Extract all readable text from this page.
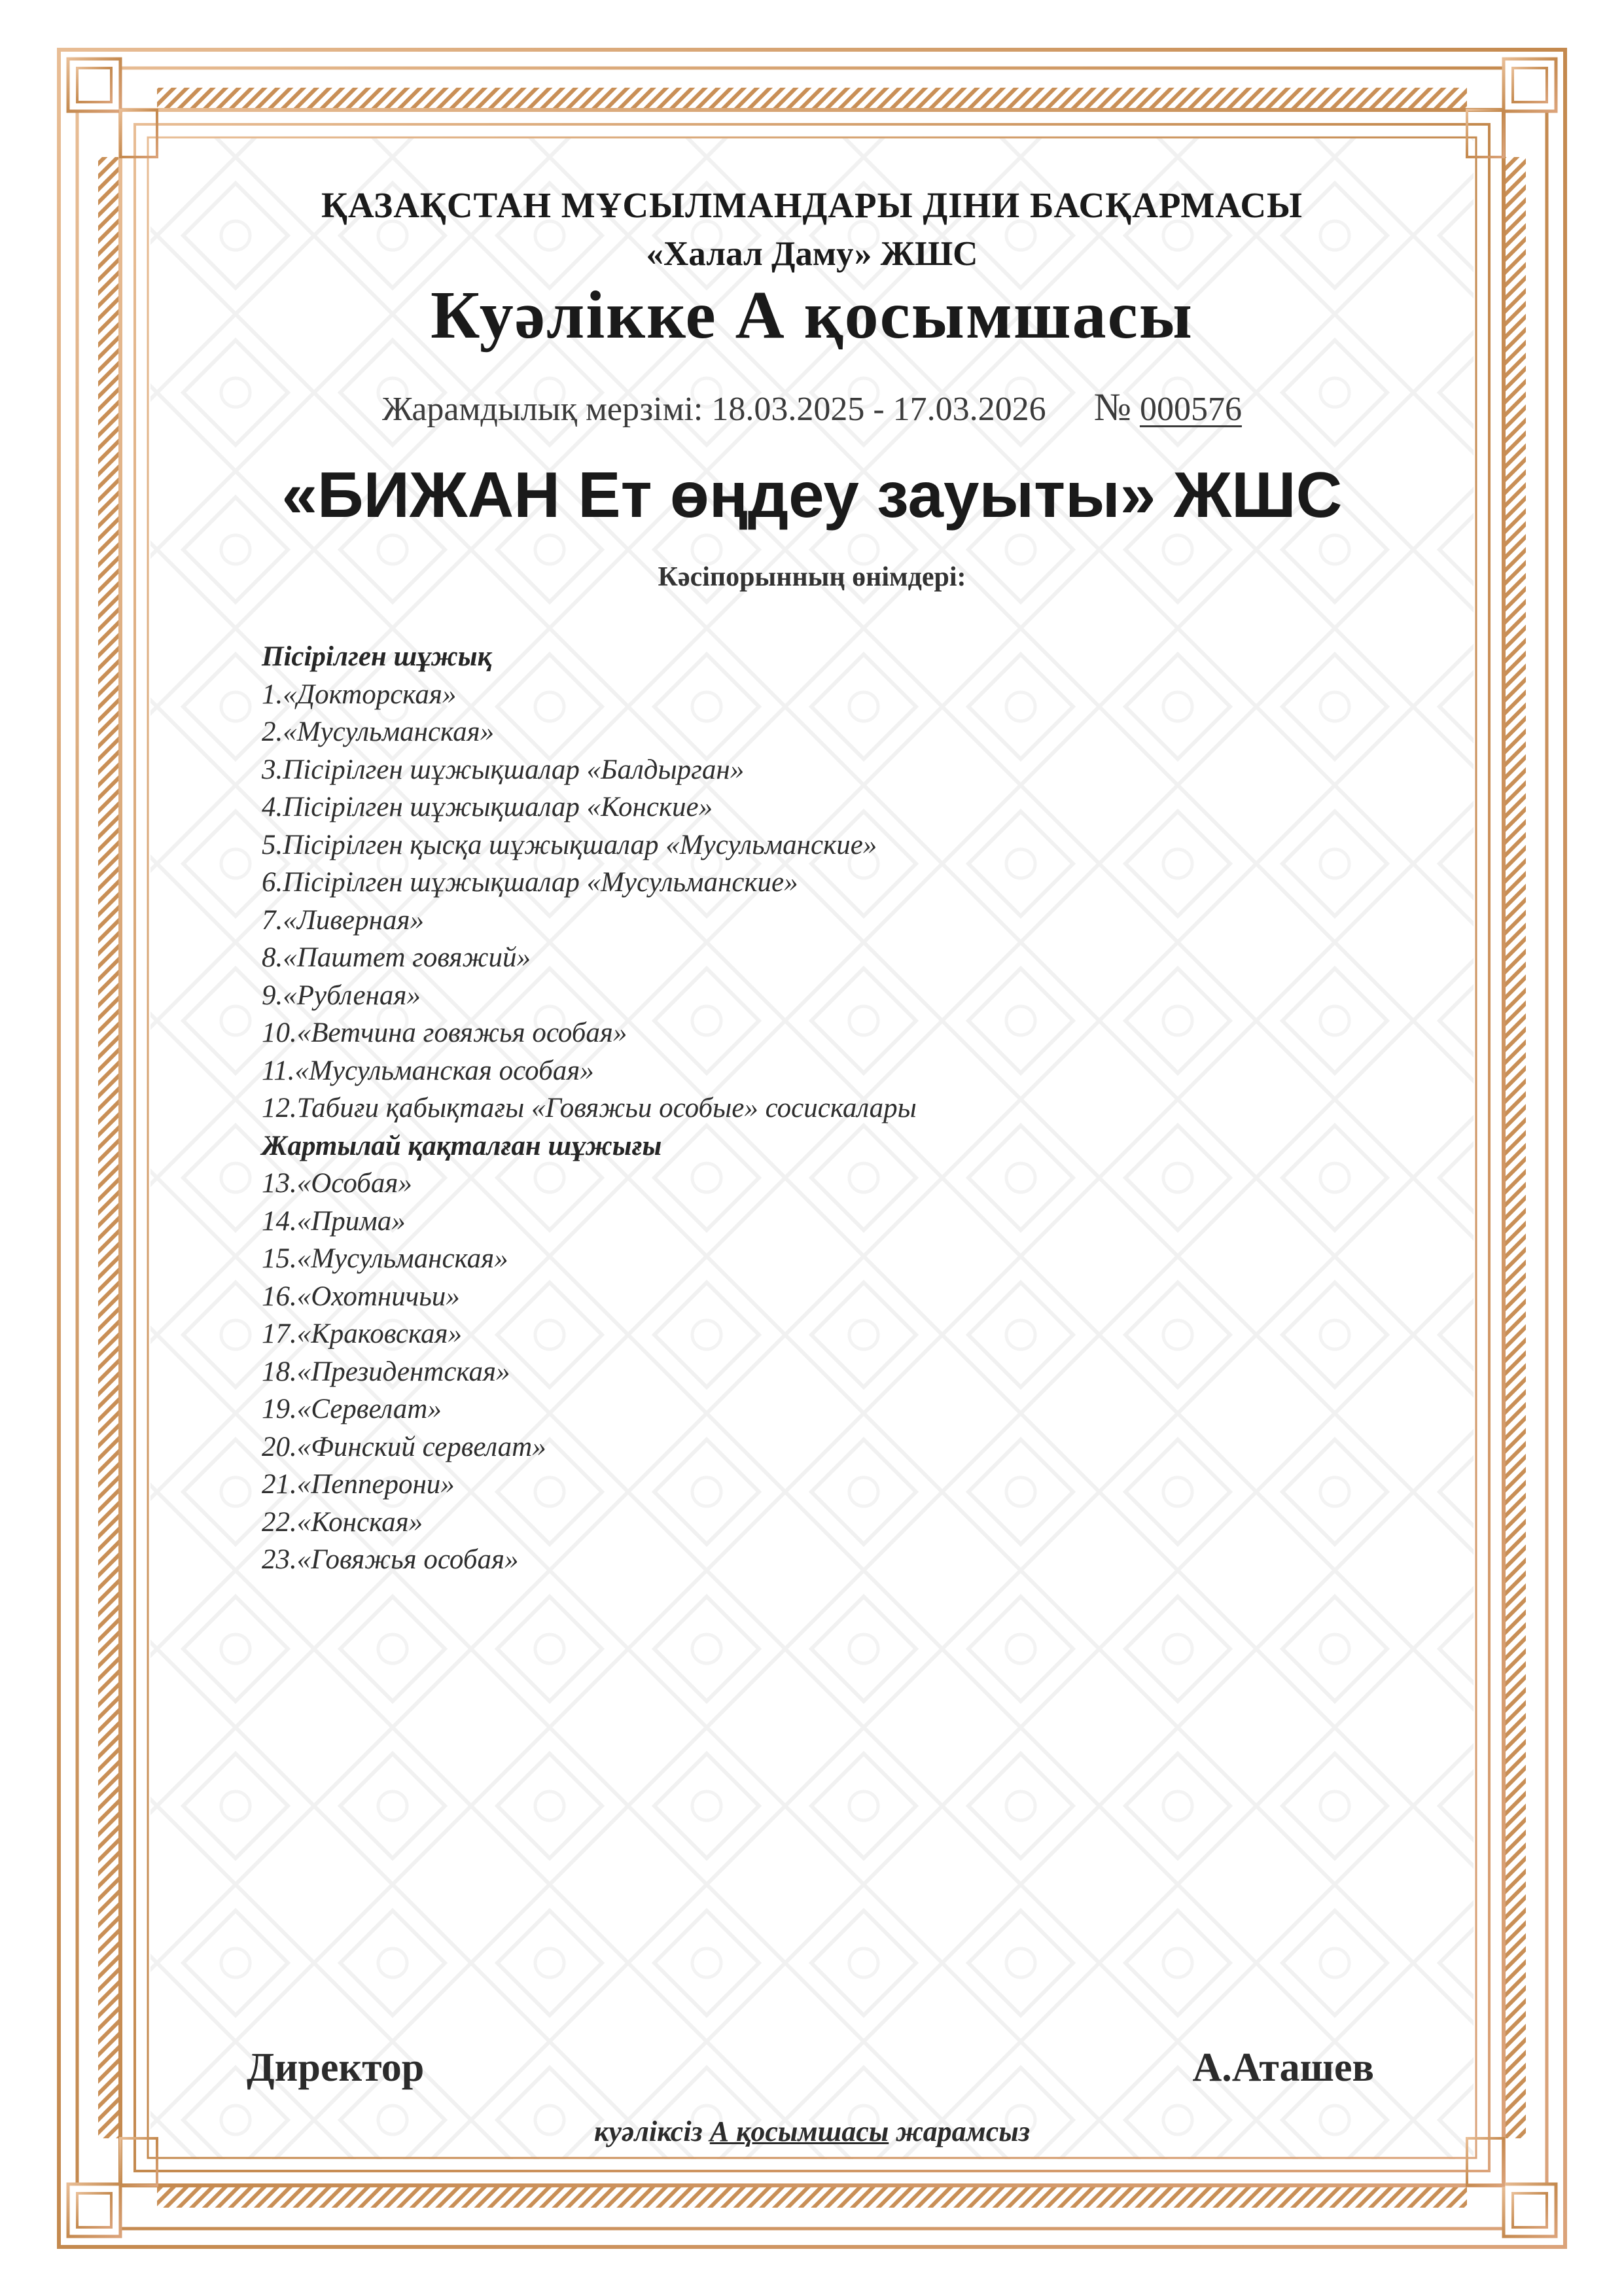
ҚАЗАҚСТАН МҰСЫЛМАНДАРЫ ДІНИ БАСҚАРМАСЫ
«Халал Даму» ЖШС
Куәлікке А қосымшасы
Жарамдылық мерзімі: 18.03.2025 - 17.03.2026 № 000576
«БИЖАН Ет өңдеу зауыты» ЖШС
Кәсіпорынның өнімдері:
Пісірілген шұжық
1.«Докторская»
2.«Мусульманская»
3.Пісірілген шұжықшалар «Балдырган»
4.Пісірілген шұжықшалар «Конские»
5.Пісірілген қысқа шұжықшалар «Мусульманские»
6.Пісірілген шұжықшалар «Мусульманские»
7.«Ливерная»
8.«Паштет говяжий»
9.«Рубленая»
10.«Ветчина говяжья особая»
11.«Мусульманская особая»
12.Табиғи қабықтағы «Говяжьи особые» сосискалары
Жартылай қақталған шұжығы
13.«Особая»
14.«Прима»
15.«Мусульманская»
16.«Охотничьи»
17.«Краковская»
18.«Президентская»
19.«Сервелат»
20.«Финский сервелат»
21.«Пеппeрони»
22.«Конская»
23.«Говяжья особая»
Директор	А.Аташев
куәліксіз А қосымшасы жарамсыз
